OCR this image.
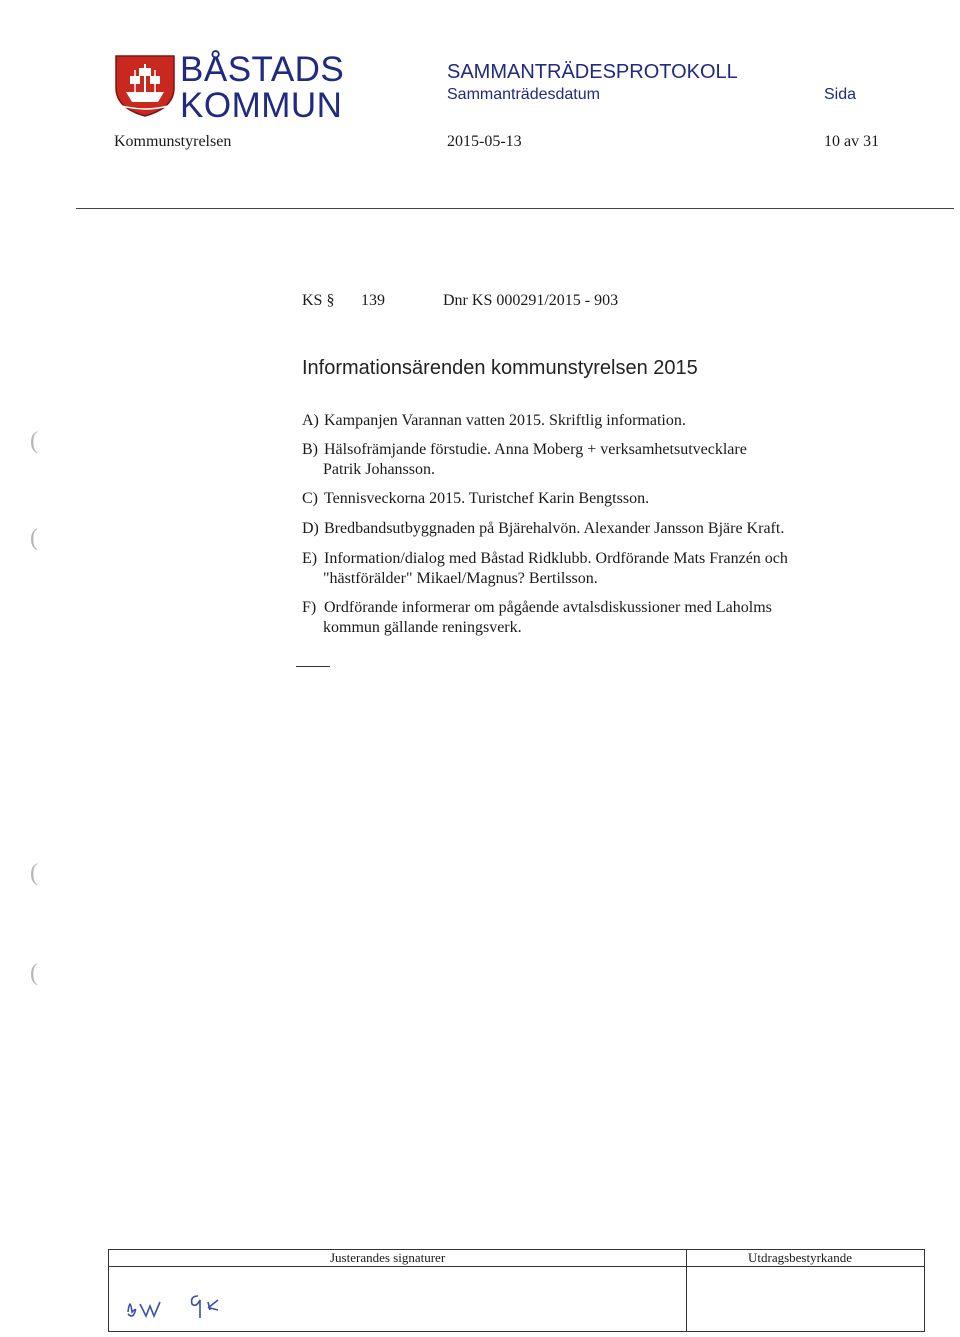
BÅSTADS
KOMMUN
SAMMANTRÄDESPROTOKOLL
Sammanträdesdatum	Sida
Kommunstyrelsen	2015-05-13	10 av 31
KS § 139	Dnr KS 000291/2015 - 903
Informationsärenden kommunstyrelsen 2015
A) Kampanjen Varannan vatten 2015. Skriftlig information.
B) Hälsofrämjande förstudie. Anna Moberg + verksamhetsutvecklare
Patrik Johansson.
C) Tennisveckorna 2015. Turistchef Karin Bengtsson.
D) Bredbandsutbyggnaden på Bjärehalvön. Alexander Jansson Bjäre Kraft.
E) Information/dialog med Båstad Ridklubb. Ordförande Mats Franzén och
"hästförälder" Mikael/Magnus? Bertilsson.
F) Ordförande informerar om pågående avtalsdiskussioner med Laholms
kommun gällande reningsverk.
(
(
(
(
Justerandes signaturer	Utdragsbestyrkande
